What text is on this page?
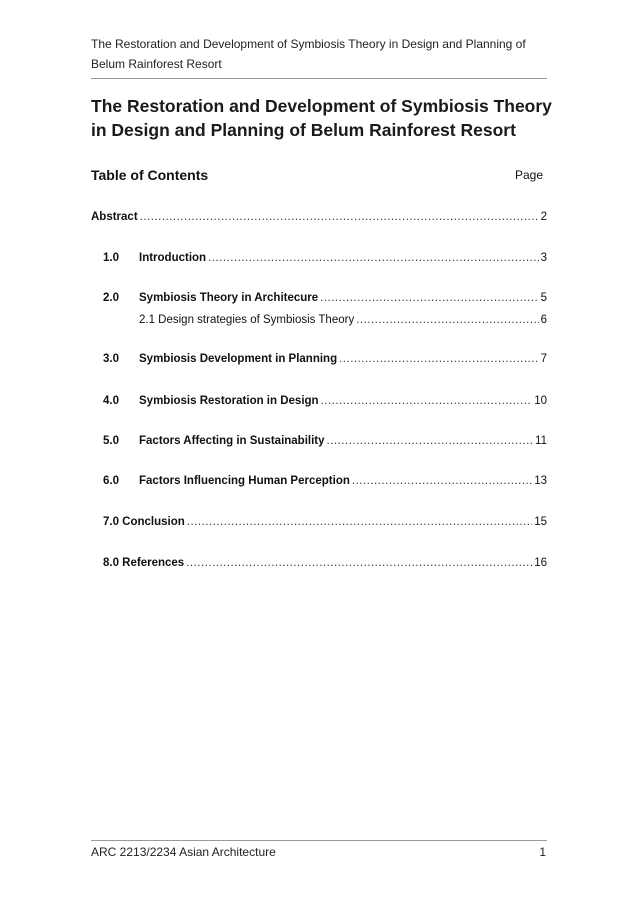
The Restoration and Development of Symbiosis Theory in Design and Planning of Belum Rainforest Resort
The Restoration and Development of Symbiosis Theory in Design and Planning of Belum Rainforest Resort
Table of Contents	Page
Abstract .....	2
1.0	Introduction .....	3
2.0	Symbiosis Theory in Architecure .....	5
2.1 Design strategies of Symbiosis Theory .....	6
3.0	Symbiosis Development in Planning .....	7
4.0	Symbiosis Restoration in Design .....	10
5.0	Factors Affecting in Sustainability .....	11
6.0	Factors Influencing Human Perception .....	13
7.0 Conclusion .....	15
8.0 References .....	16
ARC 2213/2234 Asian Architecture	1
